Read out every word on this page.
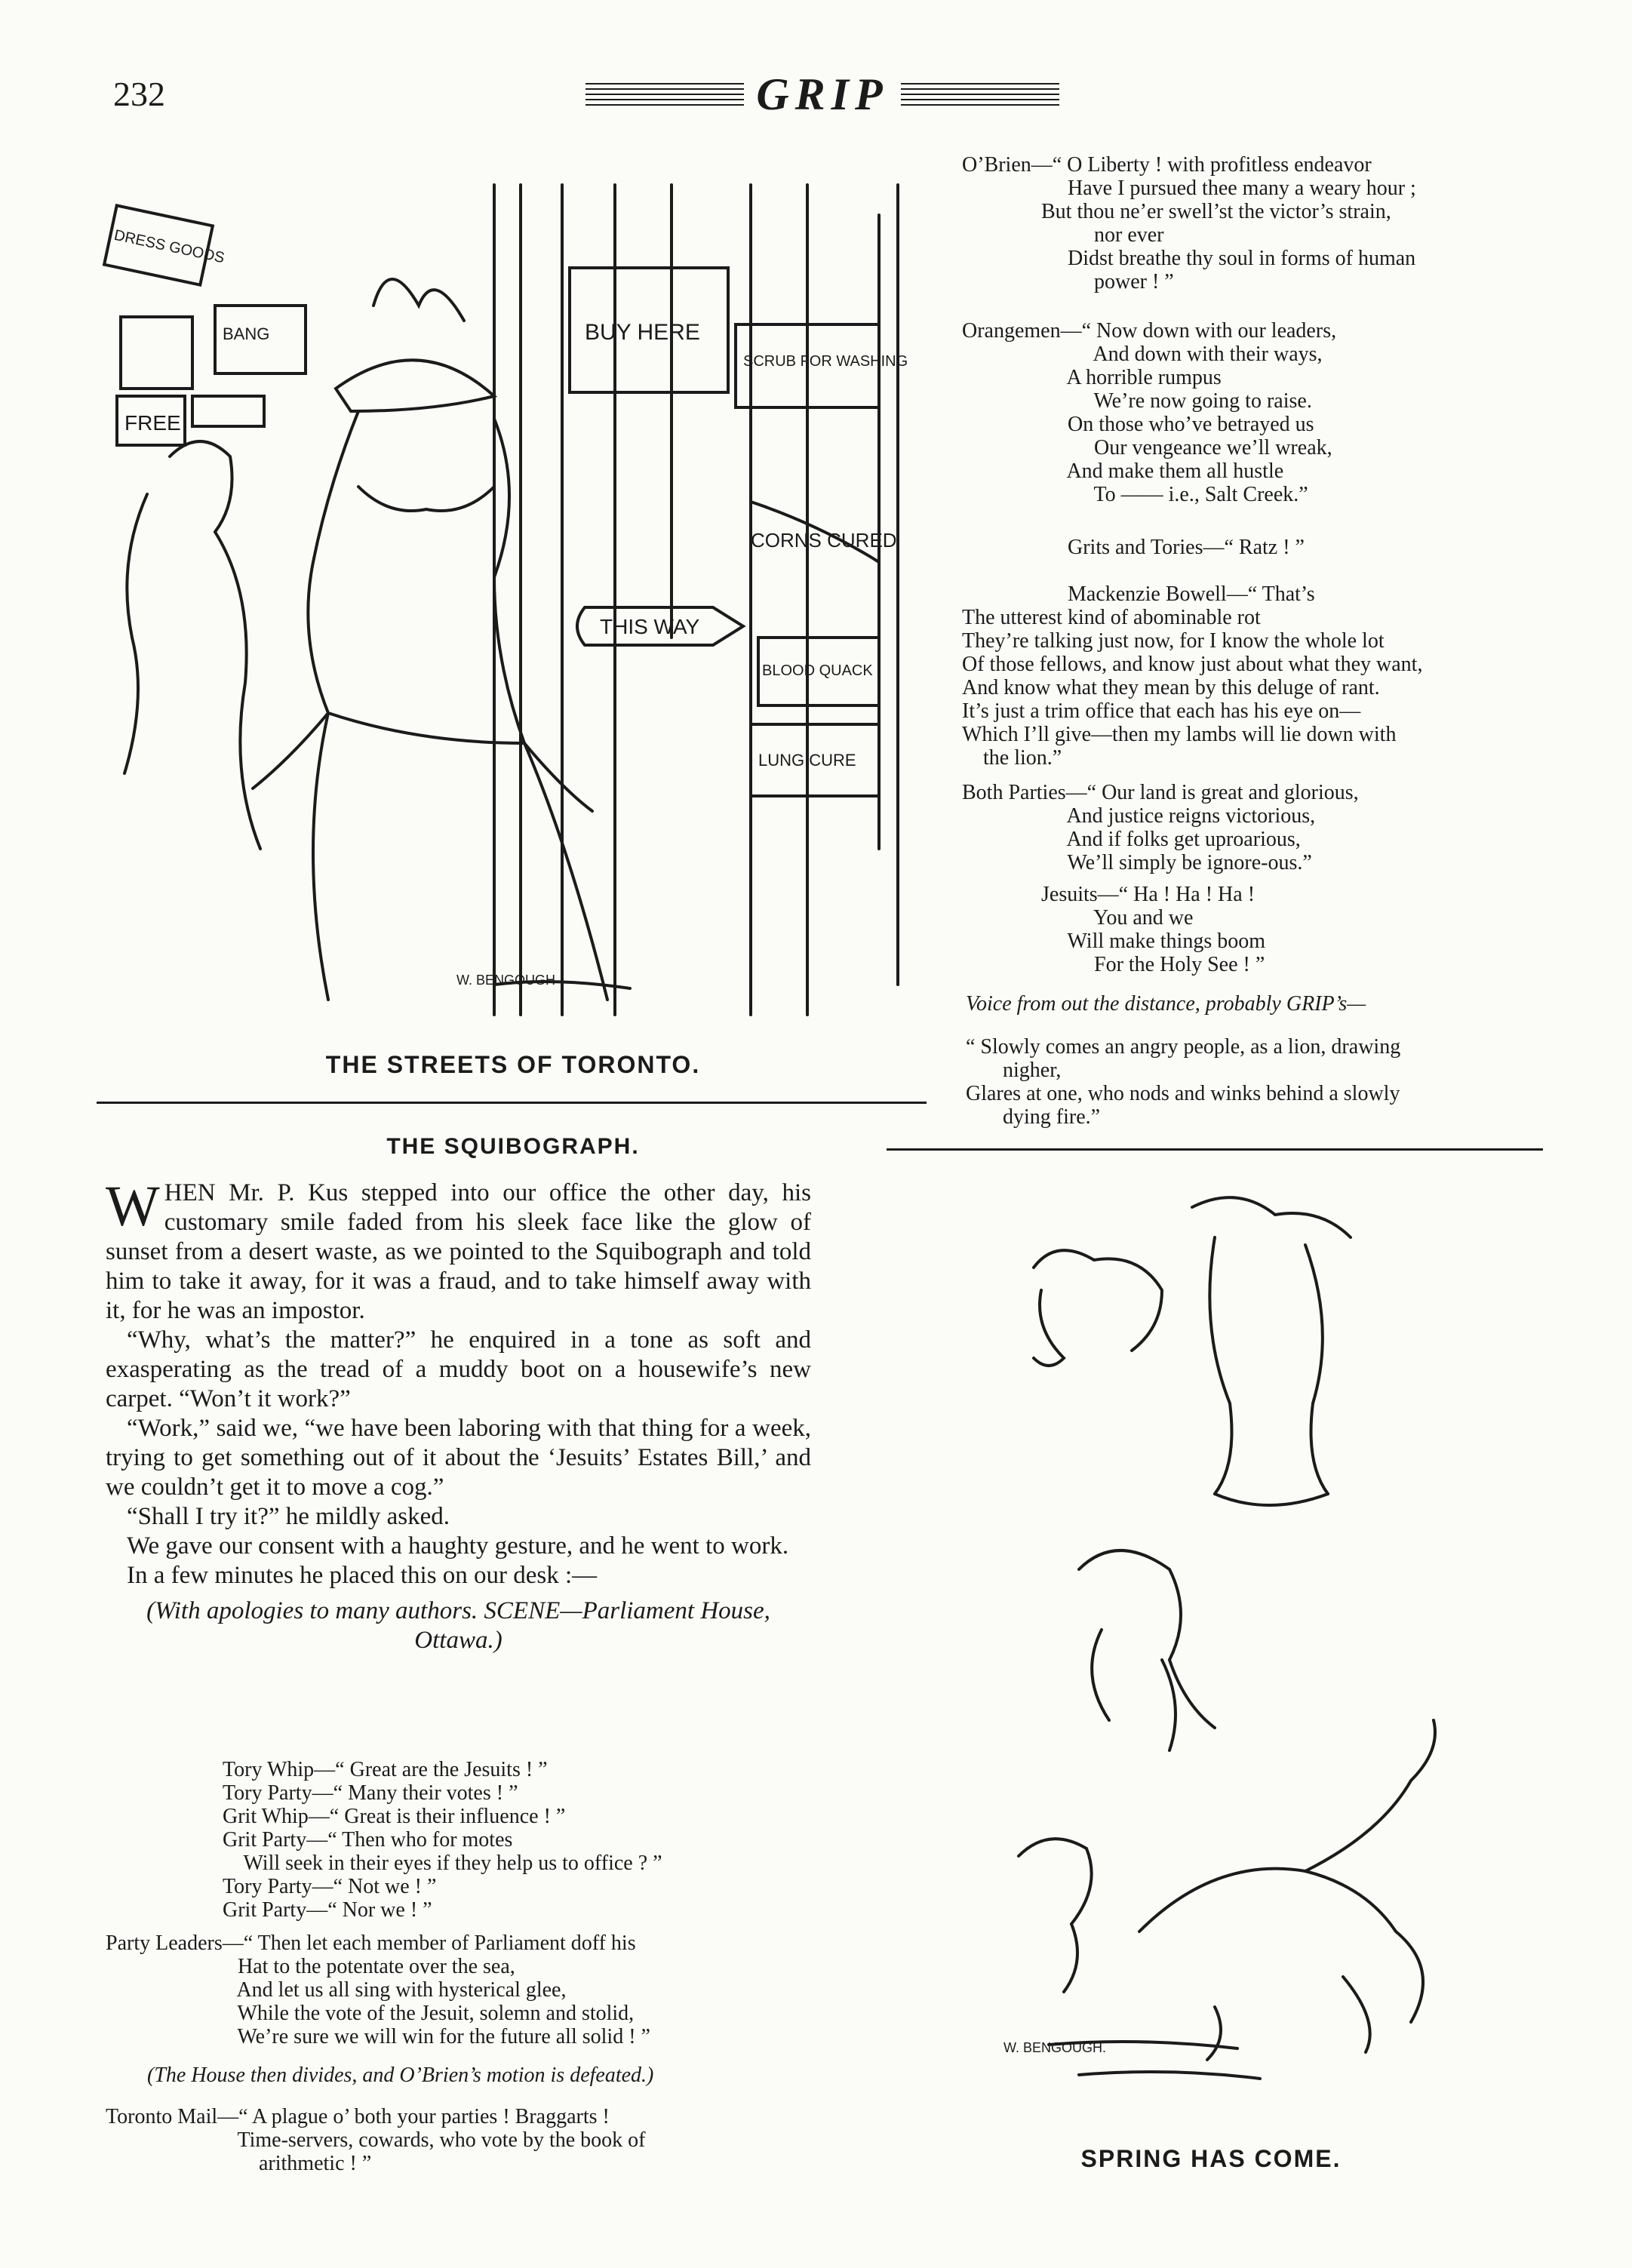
232	GRIP
BUY HERE
SCRUB FOR WASHING
CORNS CURED
THIS WAY
BLOOD QUACK
LUNG CURE
DRESS GOODS
BANG
FREE
W. BENGOUGH
THE STREETS OF TORONTO.
THE SQUIBOGRAPH.

WHEN Mr. P. Kus stepped into our office the other day, his customary smile faded from his sleek face like the glow of sunset from a desert waste, as we pointed to the Squibograph and told him to take it away, for it was a fraud, and to take himself away with it, for he was an impostor.

“Why, what’s the matter?” he enquired in a tone as soft and exasperating as the tread of a muddy boot on a housewife’s new carpet. “Won’t it work?”

“Work,” said we, “we have been laboring with that thing for a week, trying to get something out of it about the ‘Jesuits’ Estates Bill,’ and we couldn’t get it to move a cog.”

“Shall I try it?” he mildly asked.

We gave our consent with a haughty gesture, and he went to work.

In a few minutes he placed this on our desk :—

(With apologies to many authors. SCENE—Parliament House, Ottawa.)

Tory Whip—“ Great are the Jesuits ! ”
Tory Party—“ Many their votes ! ”
Grit Whip—“ Great is their influence ! ”
Grit Party—“ Then who for motes
Will seek in their eyes if they help us to office ? ”
Tory Party—“ Not we ! ”
Grit Party—“ Nor we ! ”
Party Leaders—“ Then let each member of Parliament doff his
Hat to the potentate over the sea,
And let us all sing with hysterical glee,
While the vote of the Jesuit, solemn and stolid,
We’re sure we will win for the future all solid ! ”
(The House then divides, and O’Brien’s motion is defeated.)
Toronto Mail—“ A plague o’ both your parties ! Braggarts !
Time-servers, cowards, who vote by the book of
arithmetic ! ”
O’Brien—“ O Liberty ! with profitless endeavor
Have I pursued thee many a weary hour ;
But thou ne’er swell’st the victor’s strain,
nor ever
Didst breathe thy soul in forms of human
power ! ”
Orangemen—“ Now down with our leaders,
And down with their ways,
A horrible rumpus
We’re now going to raise.
On those who’ve betrayed us
Our vengeance we’ll wreak,
And make them all hustle
To —— i.e., Salt Creek.”
Grits and Tories—“ Ratz ! ”
Mackenzie Bowell—“ That’s
The utterest kind of abominable rot
They’re talking just now, for I know the whole lot
Of those fellows, and know just about what they want,
And know what they mean by this deluge of rant.
It’s just a trim office that each has his eye on—
Which I’ll give—then my lambs will lie down with
the lion.”
Both Parties—“ Our land is great and glorious,
And justice reigns victorious,
And if folks get uproarious,
We’ll simply be ignore-ous.”
Jesuits—“ Ha ! Ha ! Ha !
You and we
Will make things boom
For the Holy See ! ”
Voice from out the distance, probably GRIP’s—
“ Slowly comes an angry people, as a lion, drawing
nigher,
Glares at one, who nods and winks behind a slowly
dying fire.”
W. BENGOUGH.
SPRING HAS COME.
